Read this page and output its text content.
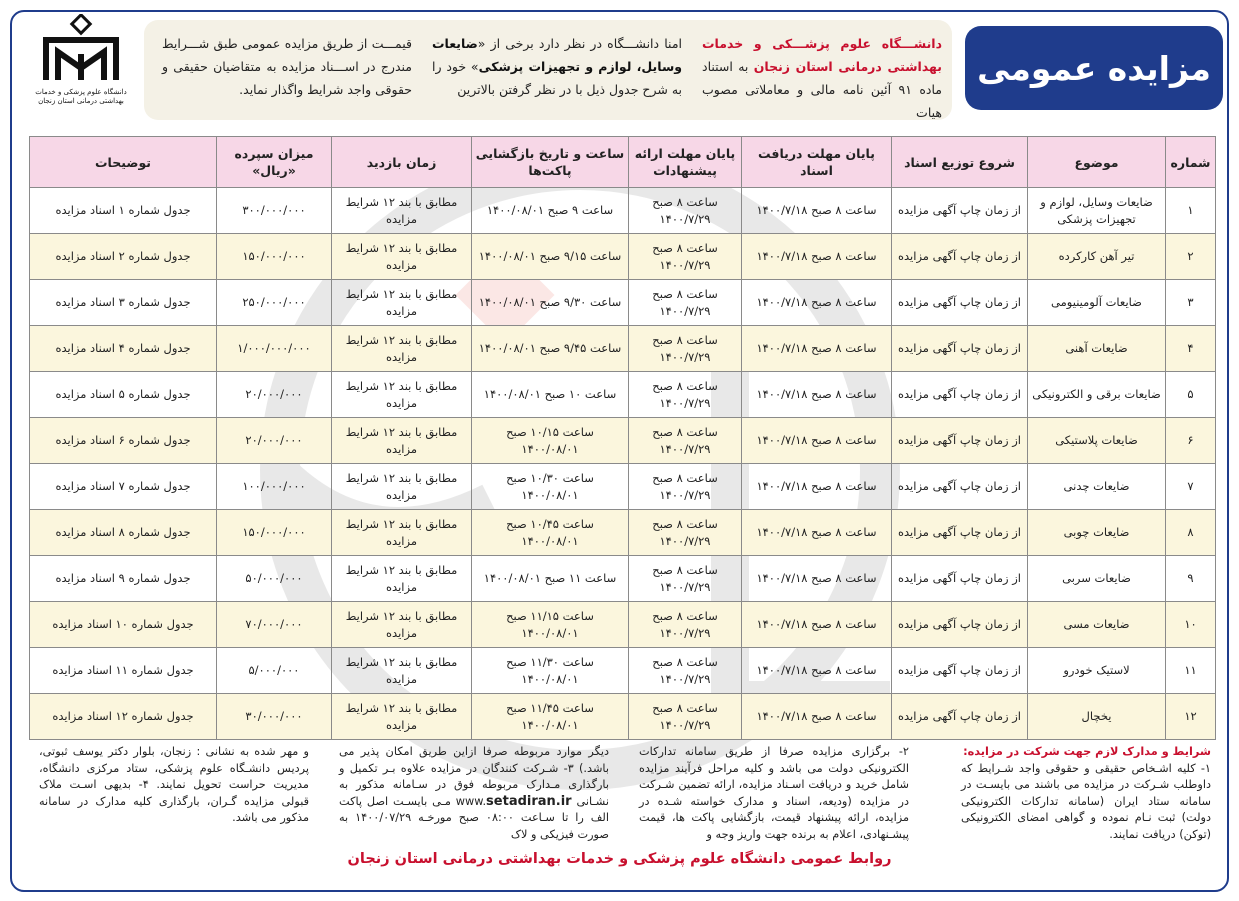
مزایده عمومی
دانشـــگاه علوم پزشـــکی و خدمات بهداشتی درمانی استان زنجان به استناد ماده ۹۱ آئین نامه مالی و معاملاتی مصوب هیات
امنا دانشـــگاه در نظر دارد برخی از «ضایعات وسایل، لوازم و تجهیزات پزشکی» خود را به شرح جدول ذیل با در نظر گرفتن بالاترین
قیمـــت از طریق مزایده عمومی طبق شـــرایط مندرج در اســـناد مزایده به متقاضیان حقیقی و حقوقی واجد شرایط واگذار نماید.
دانشگاه علوم پزشکی و خدمات
بهداشتی درمانی استان زنجان
شماره	موضوع	شروع توزیع اسناد	پایان مهلت دریافت اسناد	پایان مهلت ارائه پیشنهادات	ساعت و تاریخ بازگشایی پاکت‌ها	زمان بازدید	میزان سپرده «ریال»	توضیحات
۱	ضایعات وسایل، لوازم و تجهیزات پزشکی	از زمان چاپ آگهی مزایده	ساعت ۸ صبح ۱۴۰۰/۷/۱۸	ساعت ۸ صبح ۱۴۰۰/۷/۲۹	ساعت ۹ صبح ۱۴۰۰/۰۸/۰۱	مطابق با بند ۱۲ شرایط مزایده	۳۰۰/۰۰۰/۰۰۰	جدول شماره ۱ اسناد مزایده
۲	تیر آهن کارکرده	از زمان چاپ آگهی مزایده	ساعت ۸ صبح ۱۴۰۰/۷/۱۸	ساعت ۸ صبح ۱۴۰۰/۷/۲۹	ساعت ۹/۱۵ صبح ۱۴۰۰/۰۸/۰۱	مطابق با بند ۱۲ شرایط مزایده	۱۵۰/۰۰۰/۰۰۰	جدول شماره ۲ اسناد مزایده
۳	ضایعات آلومینیومی	از زمان چاپ آگهی مزایده	ساعت ۸ صبح ۱۴۰۰/۷/۱۸	ساعت ۸ صبح ۱۴۰۰/۷/۲۹	ساعت ۹/۳۰ صبح ۱۴۰۰/۰۸/۰۱	مطابق با بند ۱۲ شرایط مزایده	۲۵۰/۰۰۰/۰۰۰	جدول شماره ۳ اسناد مزایده
۴	ضایعات آهنی	از زمان چاپ آگهی مزایده	ساعت ۸ صبح ۱۴۰۰/۷/۱۸	ساعت ۸ صبح ۱۴۰۰/۷/۲۹	ساعت ۹/۴۵ صبح ۱۴۰۰/۰۸/۰۱	مطابق با بند ۱۲ شرایط مزایده	۱/۰۰۰/۰۰۰/۰۰۰	جدول شماره ۴ اسناد مزایده
۵	ضایعات برقی و الکترونیکی	از زمان چاپ آگهی مزایده	ساعت ۸ صبح ۱۴۰۰/۷/۱۸	ساعت ۸ صبح ۱۴۰۰/۷/۲۹	ساعت ۱۰ صبح ۱۴۰۰/۰۸/۰۱	مطابق با بند ۱۲ شرایط مزایده	۲۰/۰۰۰/۰۰۰	جدول شماره ۵ اسناد مزایده
۶	ضایعات پلاستیکی	از زمان چاپ آگهی مزایده	ساعت ۸ صبح ۱۴۰۰/۷/۱۸	ساعت ۸ صبح ۱۴۰۰/۷/۲۹	ساعت ۱۰/۱۵ صبح ۱۴۰۰/۰۸/۰۱	مطابق با بند ۱۲ شرایط مزایده	۲۰/۰۰۰/۰۰۰	جدول شماره ۶ اسناد مزایده
۷	ضایعات چدنی	از زمان چاپ آگهی مزایده	ساعت ۸ صبح ۱۴۰۰/۷/۱۸	ساعت ۸ صبح ۱۴۰۰/۷/۲۹	ساعت ۱۰/۳۰ صبح ۱۴۰۰/۰۸/۰۱	مطابق با بند ۱۲ شرایط مزایده	۱۰۰/۰۰۰/۰۰۰	جدول شماره ۷ اسناد مزایده
۸	ضایعات چوبی	از زمان چاپ آگهی مزایده	ساعت ۸ صبح ۱۴۰۰/۷/۱۸	ساعت ۸ صبح ۱۴۰۰/۷/۲۹	ساعت ۱۰/۴۵ صبح ۱۴۰۰/۰۸/۰۱	مطابق با بند ۱۲ شرایط مزایده	۱۵۰/۰۰۰/۰۰۰	جدول شماره ۸ اسناد مزایده
۹	ضایعات سربی	از زمان چاپ آگهی مزایده	ساعت ۸ صبح ۱۴۰۰/۷/۱۸	ساعت ۸ صبح ۱۴۰۰/۷/۲۹	ساعت ۱۱ صبح ۱۴۰۰/۰۸/۰۱	مطابق با بند ۱۲ شرایط مزایده	۵۰/۰۰۰/۰۰۰	جدول شماره ۹ اسناد مزایده
۱۰	ضایعات مسی	از زمان چاپ آگهی مزایده	ساعت ۸ صبح ۱۴۰۰/۷/۱۸	ساعت ۸ صبح ۱۴۰۰/۷/۲۹	ساعت ۱۱/۱۵ صبح ۱۴۰۰/۰۸/۰۱	مطابق با بند ۱۲ شرایط مزایده	۷۰/۰۰۰/۰۰۰	جدول شماره ۱۰ اسناد مزایده
۱۱	لاستیک خودرو	از زمان چاپ آگهی مزایده	ساعت ۸ صبح ۱۴۰۰/۷/۱۸	ساعت ۸ صبح ۱۴۰۰/۷/۲۹	ساعت ۱۱/۳۰ صبح ۱۴۰۰/۰۸/۰۱	مطابق با بند ۱۲ شرایط مزایده	۵/۰۰۰/۰۰۰	جدول شماره ۱۱ اسناد مزایده
۱۲	یخچال	از زمان چاپ آگهی مزایده	ساعت ۸ صبح ۱۴۰۰/۷/۱۸	ساعت ۸ صبح ۱۴۰۰/۷/۲۹	ساعت ۱۱/۴۵ صبح ۱۴۰۰/۰۸/۰۱	مطابق با بند ۱۲ شرایط مزایده	۳۰/۰۰۰/۰۰۰	جدول شماره ۱۲ اسناد مزایده
شرایط و مدارک لازم جهت شرکت در مزایده:
۱- کلیه اشـخاص حقیقی و حقوقی واجد شـرایط که داوطلب شـرکت در مزایده می باشند می بایسـت در سامانه ستاد ایران (سامانه تدارکات الکترونیکی دولت) ثبت نـام نموده و گواهی امضای الکترونیکی (توکن) دریافت نمایند.
۲- برگزاری مزایده صرفا از طریق سامانه تدارکات الکترونیکی دولت می باشد و کلیه مراحل فرآیند مزایده شامل خرید و دریافت اسـناد مزایده، ارائه تضمین شـرکت در مزایده (ودیعه، اسناد و مدارک خواسته شـده در مزایده، ارائه پیشنهاد قیمت، بازگشایی پاکت ها، قیمت پیشـنهادی، اعلام به برنده جهت واریز وجه و
دیگر موارد مربوطه صرفا ازاین طریق امکان پذیر می باشد.) ۳- شـرکت کنندگان در مزایده علاوه بـر تکمیل و بارگذاری مـدارک مربوطه فوق در سـامانه مذکور به نشـانی www.setadiran.ir مـی بایسـت اصل پاکت الف را تا سـاعت ۰۸:۰۰ صبح مورخـه ۱۴۰۰/۰۷/۲۹ به صورت فیزیکی و لاک
و مهر شده به نشانی : زنجان، بلوار دکتر یوسف ثبوتی، پردیس دانشـگاه علوم پزشکی، ستاد مرکزی دانشگاه، مدیریت حراست تحویل نمایند. ۴- بدیهی اسـت ملاک قبولی مزایده گـران، بارگذاری کلیه مدارک در سامانه مذکور می باشد.
روابط عمومی دانشگاه علوم پزشکی و خدمات بهداشتی درمانی استان زنجان
